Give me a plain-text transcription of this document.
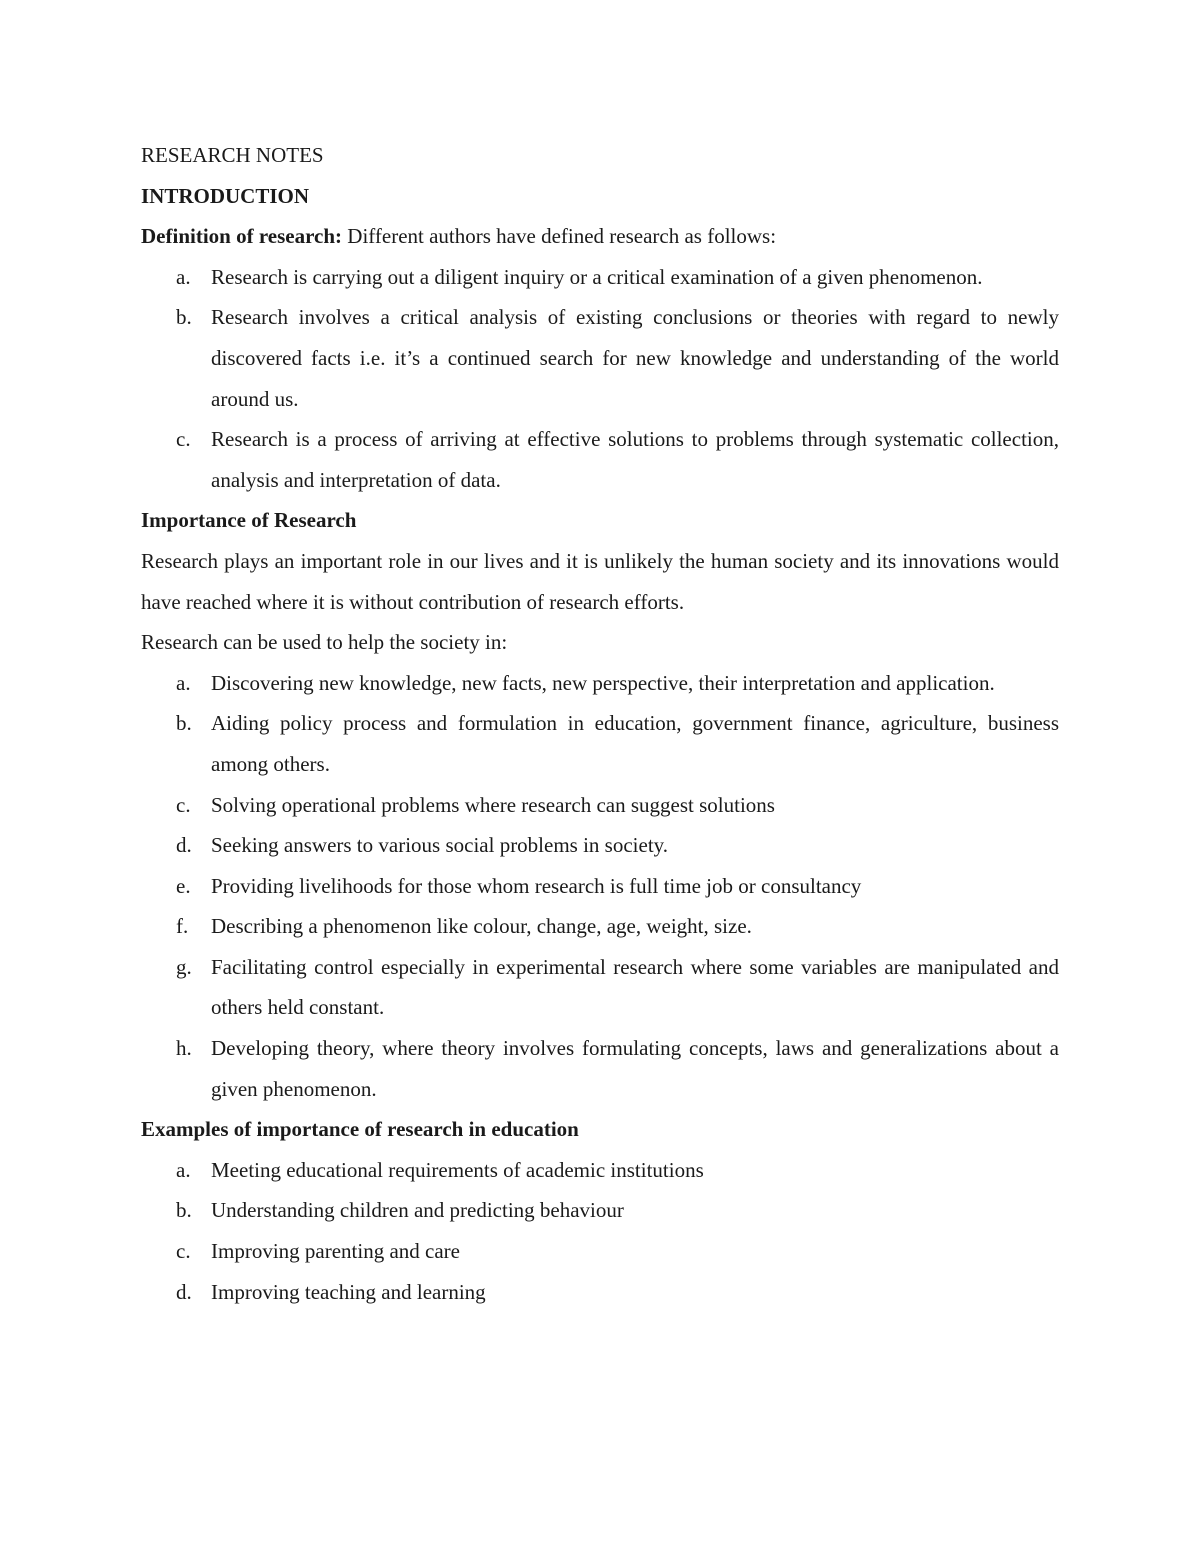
RESEARCH NOTES
INTRODUCTION
Definition of research: Different authors have defined research as follows:
a. Research is carrying out a diligent inquiry or a critical examination of a given phenomenon.
b. Research involves a critical analysis of existing conclusions or theories with regard to newly discovered facts i.e. it’s a continued search for new knowledge and understanding of the world around us.
c. Research is a process of arriving at effective solutions to problems through systematic collection, analysis and interpretation of data.
Importance of Research
Research plays an important role in our lives and it is unlikely the human society and its innovations would have reached where it is without contribution of research efforts.
Research can be used to help the society in:
a. Discovering new knowledge, new facts, new perspective, their interpretation and application.
b. Aiding policy process and formulation in education, government finance, agriculture, business among others.
c. Solving operational problems where research can suggest solutions
d. Seeking answers to various social problems in society.
e. Providing livelihoods for those whom research is full time job or consultancy
f.	Describing a phenomenon like colour, change, age, weight, size.
g. Facilitating control especially in experimental research where some variables are manipulated and others held constant.
h. Developing theory, where theory involves formulating concepts, laws and generalizations about a given phenomenon.
Examples of importance of research in education
a. Meeting educational requirements of academic institutions
b. Understanding children and predicting behaviour
c. Improving parenting and care
d. Improving teaching and learning
